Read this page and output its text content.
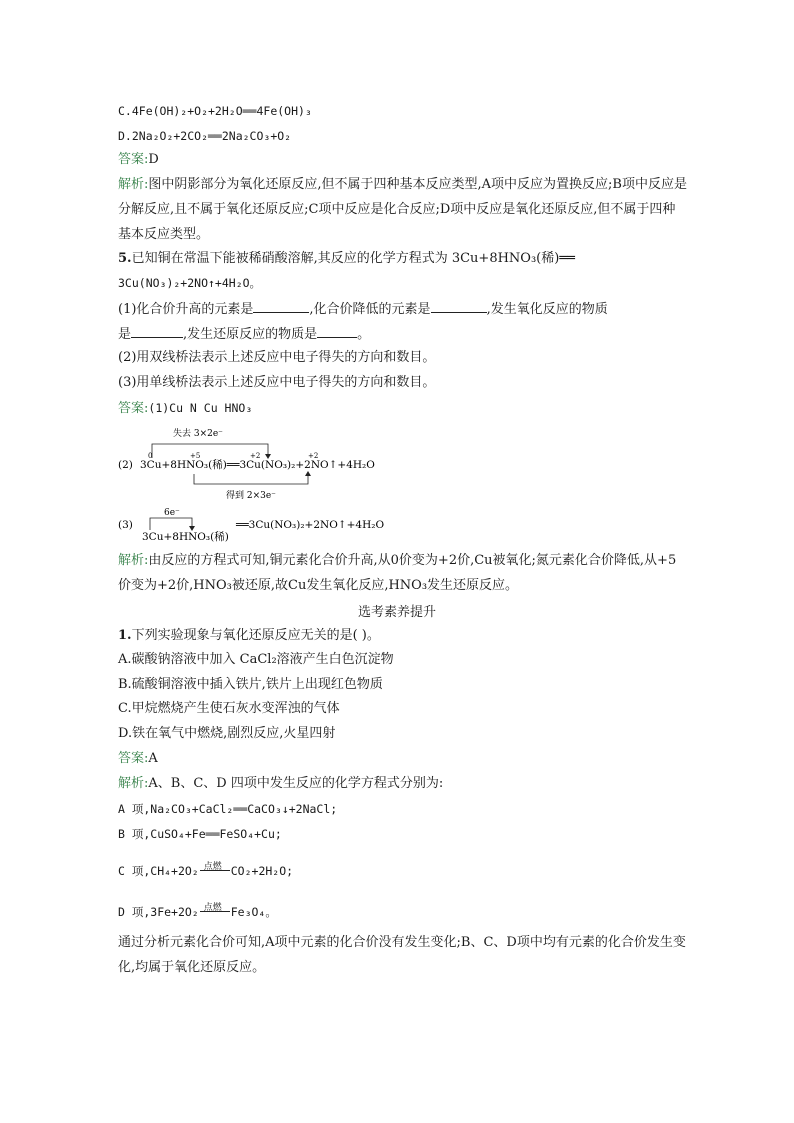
C.4Fe(OH)₂+O₂+2H₂O══4Fe(OH)₃
D.2Na₂O₂+2CO₂══2Na₂CO₃+O₂
答案:D
解析:图中阴影部分为氧化还原反应,但不属于四种基本反应类型,A项中反应为置换反应;B项中反应是分解反应,且不属于氧化还原反应;C项中反应是化合反应;D项中反应是氧化还原反应,但不属于四种基本反应类型。
5.已知铜在常温下能被稀硝酸溶解,其反应的化学方程式为 3Cu+8HNO₃(稀)══
3Cu(NO₃)₂+2NO↑+4H₂O。
(1)化合价升高的元素是	,化合价降低的元素是	,发生氧化反应的物质
是	,发生还原反应的物质是	。
(2)用双线桥法表示上述反应中电子得失的方向和数目。
(3)用单线桥法表示上述反应中电子得失的方向和数目。
答案:(1)Cu N Cu HNO₃
失去 3×2e⁻
0	+5	+2	+2
(2) 3Cu+8HNO₃(稀)══3Cu(NO₃)₂+2NO↑+4H₂O
得到 2×3e⁻
6e⁻
(3)
3Cu+8HNO₃(稀)
══3Cu(NO₃)₂+2NO↑+4H₂O
解析:由反应的方程式可知,铜元素化合价升高,从0价变为+2价,Cu被氧化;氮元素化合价降低,从+5价变为+2价,HNO₃被还原,故Cu发生氧化反应,HNO₃发生还原反应。
选考素养提升
1.下列实验现象与氧化还原反应无关的是( )。
A.碳酸钠溶液中加入 CaCl₂溶液产生白色沉淀物
B.硫酸铜溶液中插入铁片,铁片上出现红色物质
C.甲烷燃烧产生使石灰水变浑浊的气体
D.铁在氧气中燃烧,剧烈反应,火星四射
答案:A
解析:A、B、C、D 四项中发生反应的化学方程式分别为:
A 项,Na₂CO₃+CaCl₂══CaCO₃↓+2NaCl;
B 项,CuSO₄+Fe══FeSO₄+Cu;
C 项,CH₄+2O₂ 点燃 CO₂+2H₂O;
D 项,3Fe+2O₂ 点燃 Fe₃O₄。
通过分析元素化合价可知,A项中元素的化合价没有发生变化;B、C、D项中均有元素的化合价发生变化,均属于氧化还原反应。
